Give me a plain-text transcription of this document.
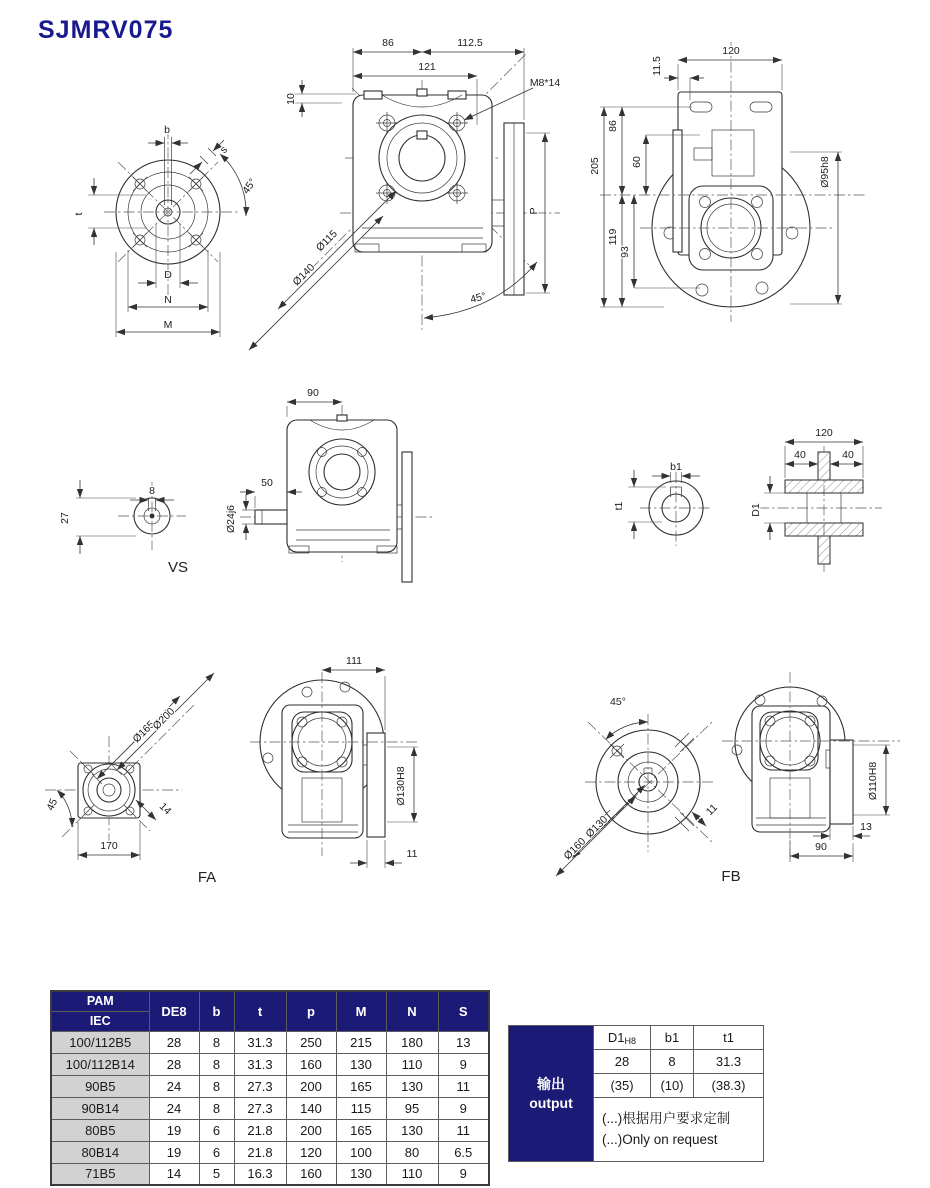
SJMRV075
b
t
s
45°
D
N
M
86	112.5
121
10
M8*14
Ø115
Ø140
45°
P
120
11.5
205
86
119
60
93
Ø95h8
8
27
VS
90
50
Ø24j6
b1
t1
120
40	40
D1
Ø165
Ø200
45
170
14
111
Ø130H8
11
FA
45°
Ø130
Ø160
11
FB
Ø110H8
13
90
PAM	DE8	b	t	p	M	N	S
IEC							
100/112B5	28	8	31.3	250	215	180	13
100/112B14	28	8	31.3	160	130	110	9
90B5	24	8	27.3	200	165	130	11
90B14	24	8	27.3	140	115	95	9
80B5	19	6	21.8	200	165	130	11
80B14	19	6	21.8	120	100	80	6.5
71B5	14	5	16.3	160	130	110	9
输出
output	$D1_{H8}$	b1	t1
	28	8	31.3
	(35)	(10)	(38.3)
	(...)根据用户要求定制
(...)Only on request		
